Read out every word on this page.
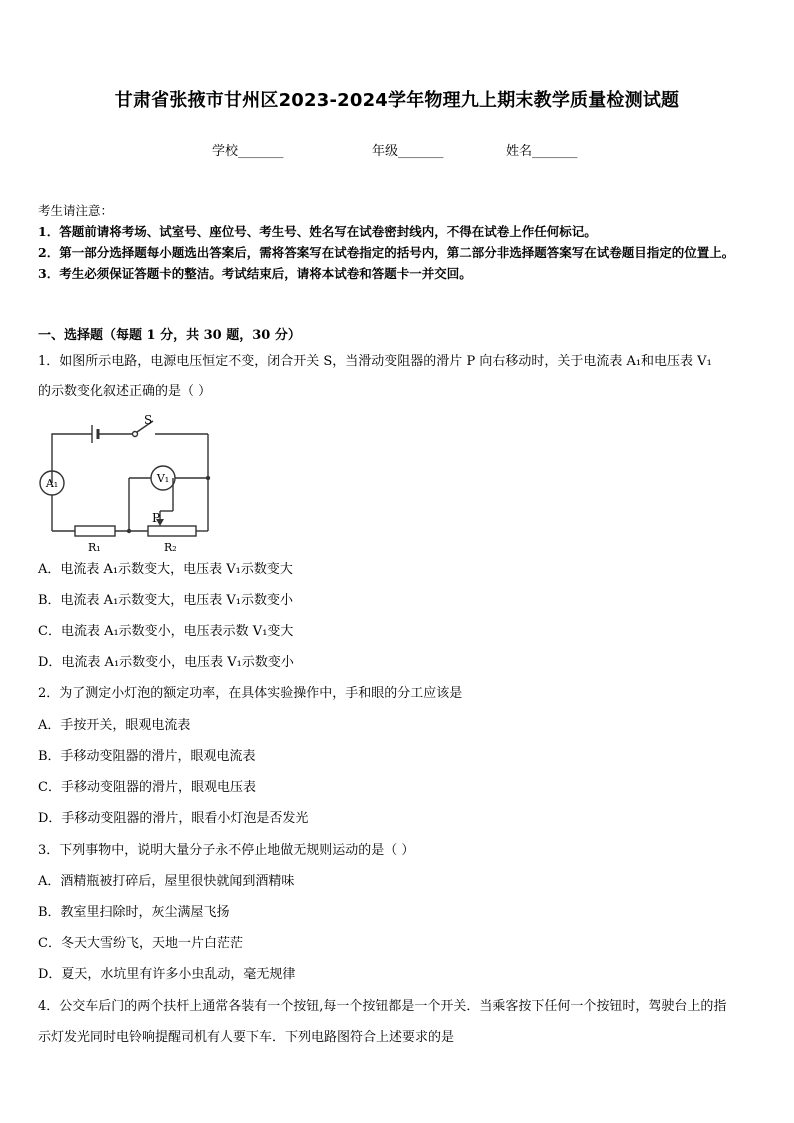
甘肃省张掖市甘州区2023-2024学年物理九上期末教学质量检测试题
学校_______	年级_______	姓名_______
考生请注意：
1．答题前请将考场、试室号、座位号、考生号、姓名写在试卷密封线内，不得在试卷上作任何标记。
2．第一部分选择题每小题选出答案后，需将答案写在试卷指定的括号内，第二部分非选择题答案写在试卷题目指定的位置上。
3．考生必须保证答题卡的整洁。考试结束后，请将本试卷和答题卡一并交回。
一、选择题（每题 1 分，共 30 题，30 分）
1．如图所示电路，电源电压恒定不变，闭合开关 S，当滑动变阻器的滑片 P 向右移动时，关于电流表 A₁和电压表 V₁
的示数变化叙述正确的是（ ）
S
A₁	V₁
P
R₁	R₂
A．电流表 A₁示数变大，电压表 V₁示数变大
B．电流表 A₁示数变大，电压表 V₁示数变小
C．电流表 A₁示数变小，电压表示数 V₁变大
D．电流表 A₁示数变小，电压表 V₁示数变小
2．为了测定小灯泡的额定功率，在具体实验操作中，手和眼的分工应该是
A．手按开关，眼观电流表
B．手移动变阻器的滑片，眼观电流表
C．手移动变阻器的滑片，眼观电压表
D．手移动变阻器的滑片，眼看小灯泡是否发光
3．下列事物中，说明大量分子永不停止地做无规则运动的是（ ）
A．酒精瓶被打碎后，屋里很快就闻到酒精味
B．教室里扫除时，灰尘满屋飞扬
C．冬天大雪纷飞，天地一片白茫茫
D．夏天，水坑里有许多小虫乱动，毫无规律
4．公交车后门的两个扶杆上通常各装有一个按钮,每一个按钮都是一个开关．当乘客按下任何一个按钮时，驾驶台上的指
示灯发光同时电铃响提醒司机有人要下车．下列电路图符合上述要求的是
